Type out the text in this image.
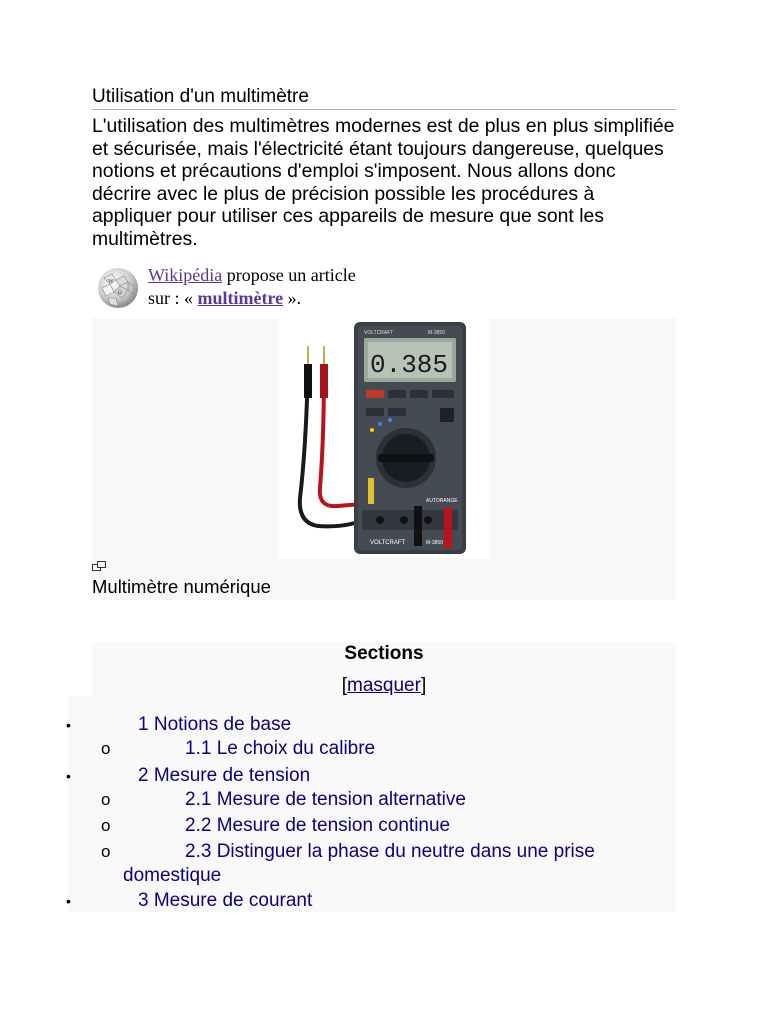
Utilisation d'un multimètre
L'utilisation des multimètres modernes est de plus en plus simplifiée et sécurisée, mais l'électricité étant toujours dangereuse, quelques notions et précautions d'emploi s'imposent. Nous allons donc décrire avec le plus de précision possible les procédures à appliquer pour utiliser ces appareils de mesure que sont les multimètres.
W
Ω
Wikipédia propose un article
sur : « multimètre ».
VOLTCRAFT	M-3850
0.385
AUTORANGE
VOLTCRAFT	M-3850
Multimètre numérique
Sections
[masquer]
•	1 Notions de base
o	1.1 Le choix du calibre
•	2 Mesure de tension
o	2.1 Mesure de tension alternative
o	2.2 Mesure de tension continue
o	2.3 Distinguer la phase du neutre dans une prise
domestique
•	3 Mesure de courant
